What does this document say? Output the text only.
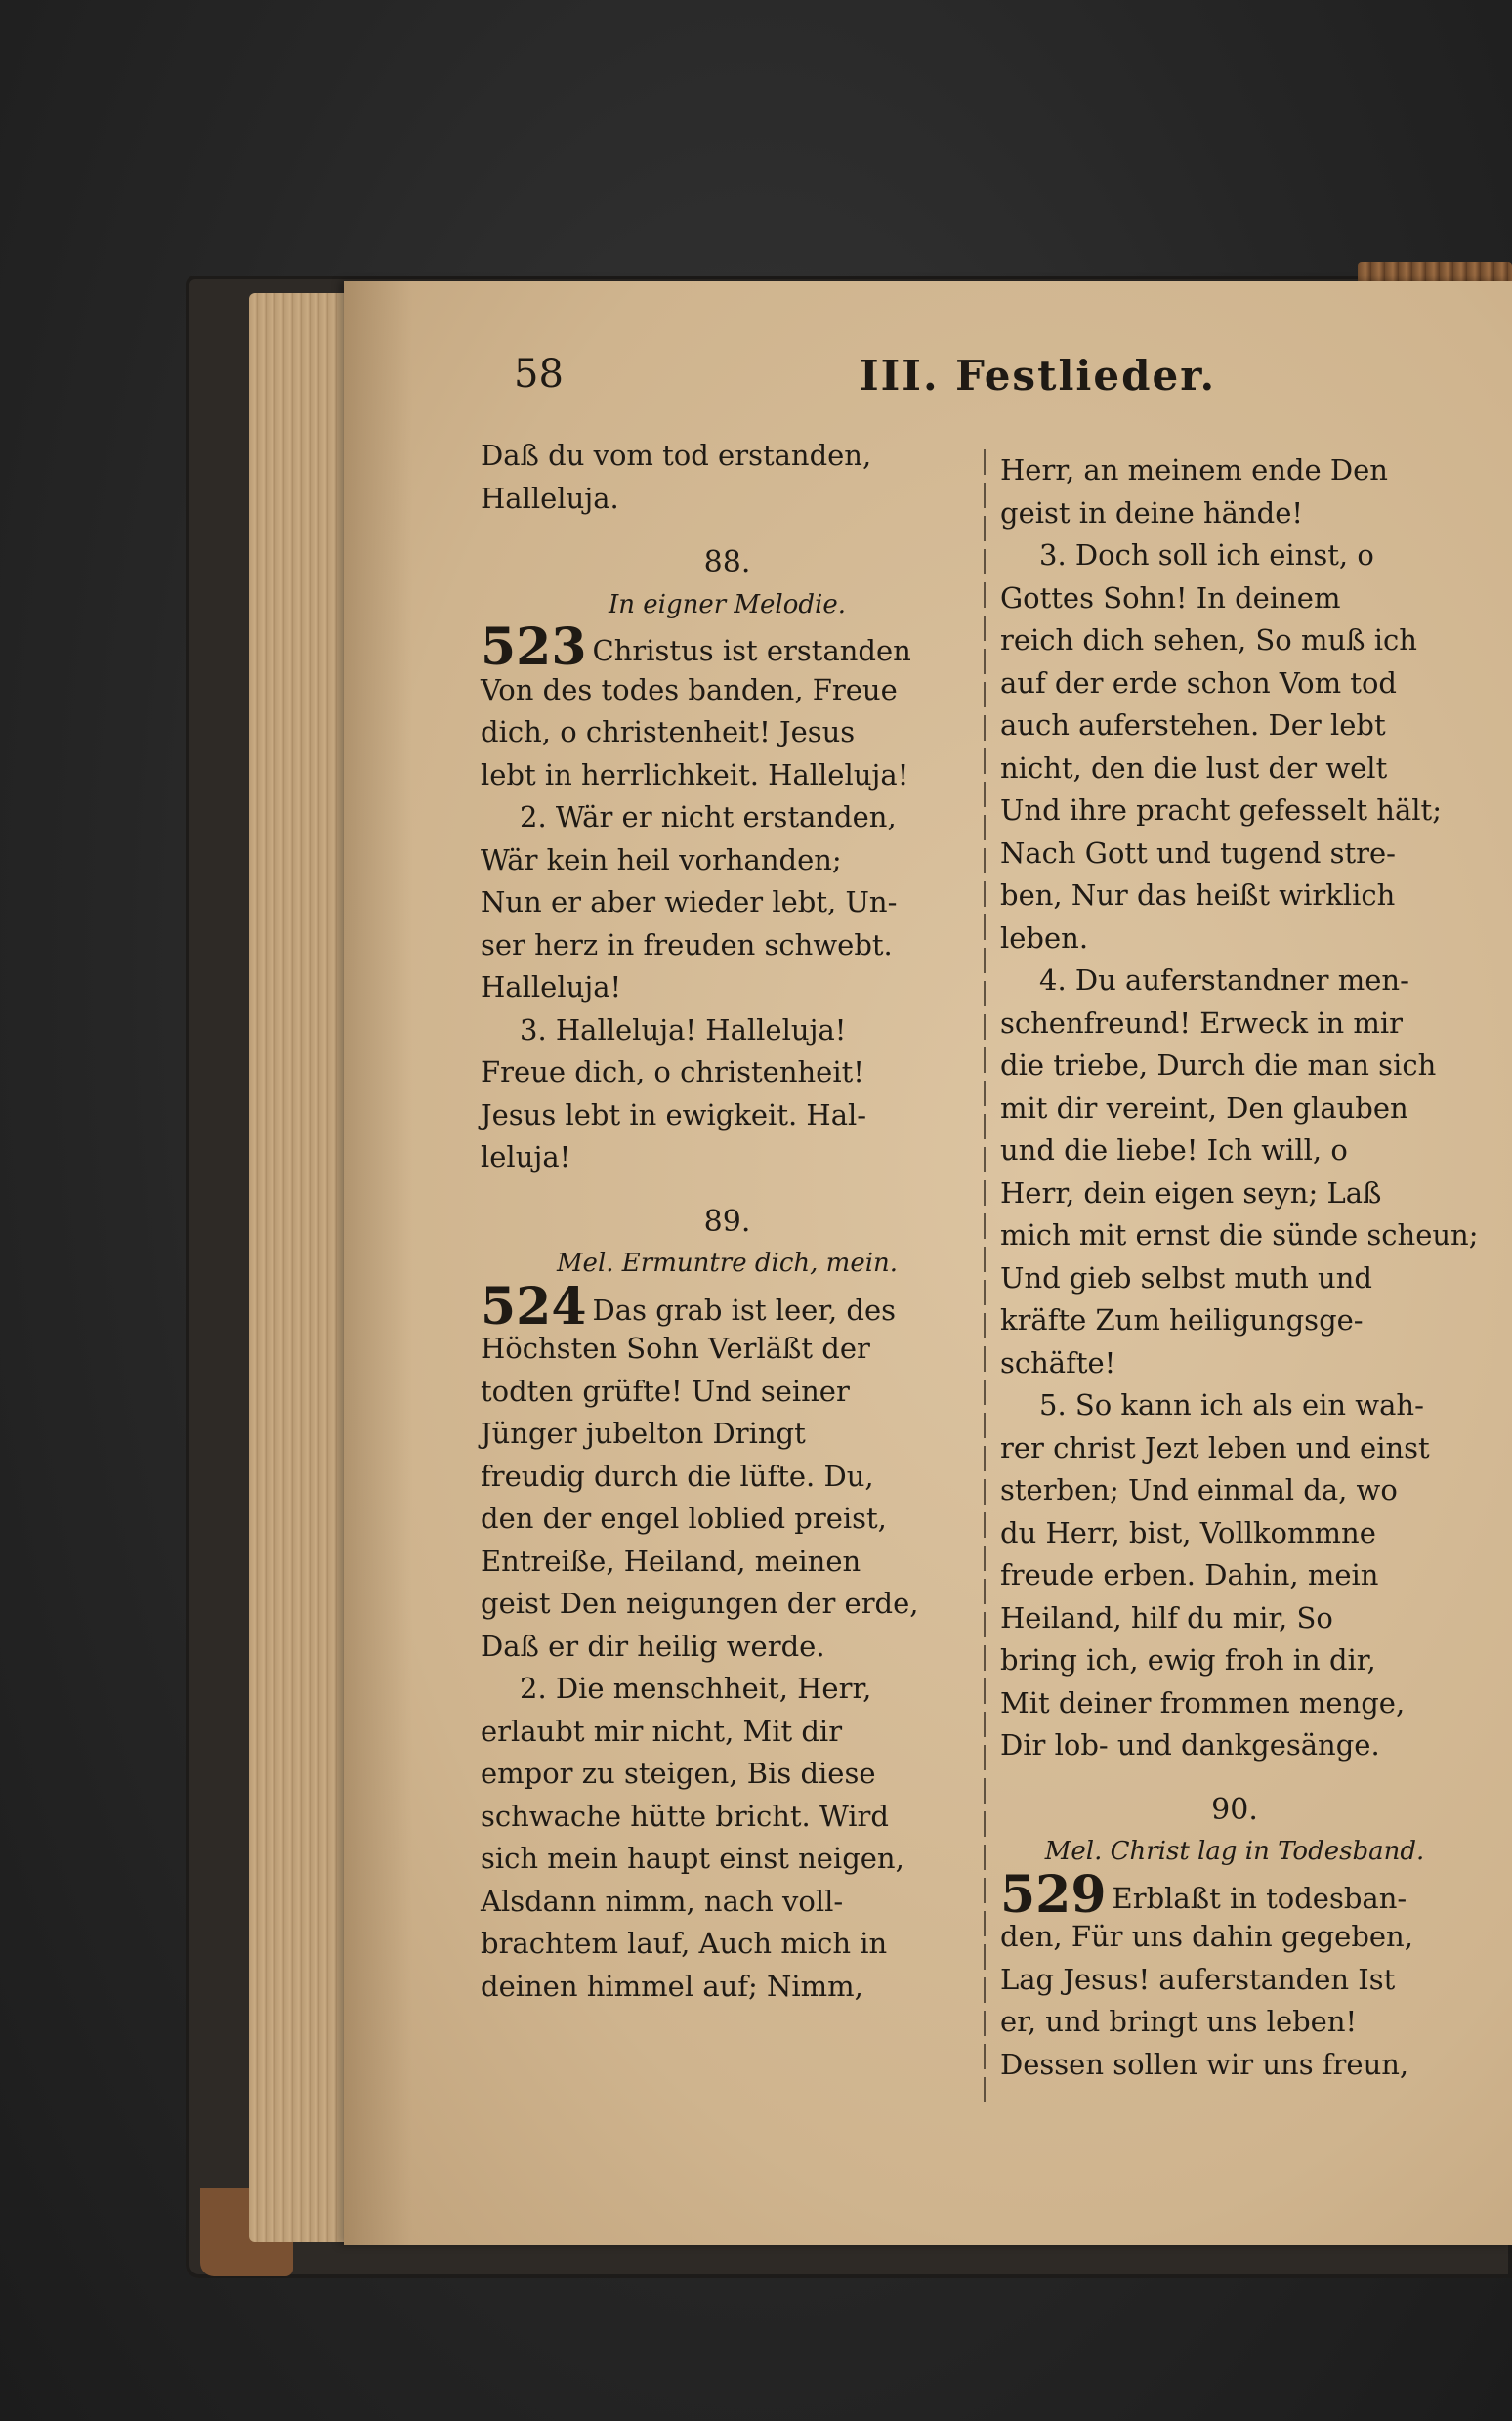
58	III. Festlieder.
Daß du vom tod erstanden,
Halleluja.
88.
In eigner Melodie.
523 Christus ist erstanden
Von des todes banden, Freue
dich, o christenheit! Jesus
lebt in herrlichkeit. Halleluja!
2. Wär er nicht erstanden,
Wär kein heil vorhanden;
Nun er aber wieder lebt, Un-
ser herz in freuden schwebt.
Halleluja!
3. Halleluja! Halleluja!
Freue dich, o christenheit!
Jesus lebt in ewigkeit. Hal-
leluja!
89.
Mel. Ermuntre dich, mein.
524 Das grab ist leer, des
Höchsten Sohn Verläßt der
todten grüfte! Und seiner
Jünger jubelton Dringt
freudig durch die lüfte. Du,
den der engel loblied preist,
Entreiße, Heiland, meinen
geist Den neigungen der erde,
Daß er dir heilig werde.
2. Die menschheit, Herr,
erlaubt mir nicht, Mit dir
empor zu steigen, Bis diese
schwache hütte bricht. Wird
sich mein haupt einst neigen,
Alsdann nimm, nach voll-
brachtem lauf, Auch mich in
deinen himmel auf; Nimm,
Herr, an meinem ende Den
geist in deine hände!
3. Doch soll ich einst, o
Gottes Sohn! In deinem
reich dich sehen, So muß ich
auf der erde schon Vom tod
auch auferstehen. Der lebt
nicht, den die lust der welt
Und ihre pracht gefesselt hält;
Nach Gott und tugend stre-
ben, Nur das heißt wirklich
leben.
4. Du auferstandner men-
schenfreund! Erweck in mir
die triebe, Durch die man sich
mit dir vereint, Den glauben
und die liebe! Ich will, o
Herr, dein eigen seyn; Laß
mich mit ernst die sünde scheun;
Und gieb selbst muth und
kräfte Zum heiligungsge-
schäfte!
5. So kann ich als ein wah-
rer christ Jezt leben und einst
sterben; Und einmal da, wo
du Herr, bist, Vollkommne
freude erben. Dahin, mein
Heiland, hilf du mir, So
bring ich, ewig froh in dir,
Mit deiner frommen menge,
Dir lob- und dankgesänge.
90.
Mel. Christ lag in Todesband.
529 Erblaßt in todesban-
den, Für uns dahin gegeben,
Lag Jesus! auferstanden Ist
er, und bringt uns leben!
Dessen sollen wir uns freun,
